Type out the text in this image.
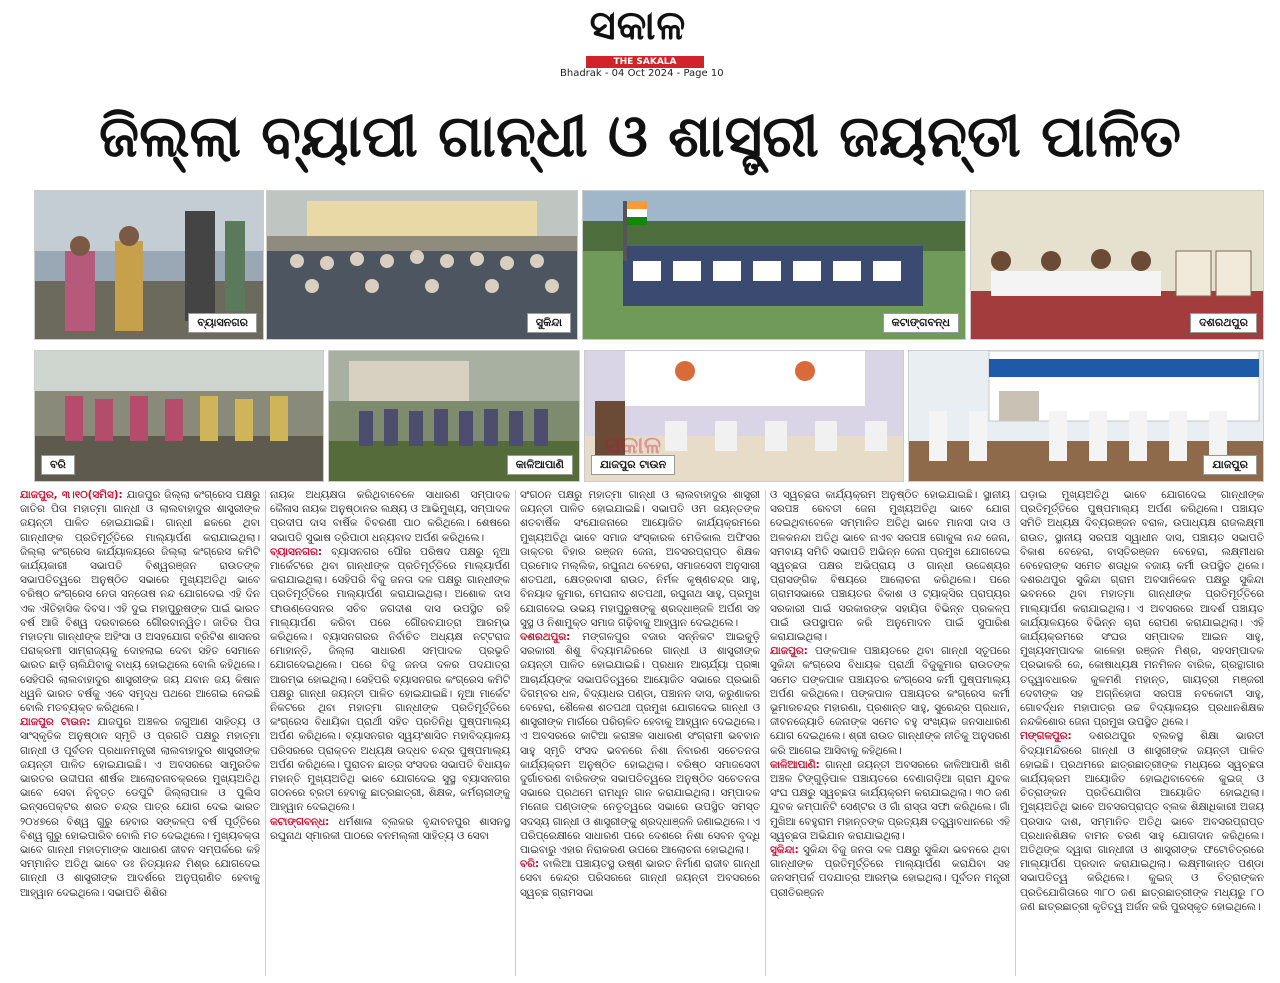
ସକାଳ
THE SAKALA
Bhadrak - 04 Oct 2024 - Page 10
ଜିଲ୍ଲା ବ୍ୟାପୀ ଗାନ୍ଧୀ ଓ ଶାସ୍ତ୍ରୀ ଜୟନ୍ତୀ ପାଳିତ
ବ୍ୟାସନଗର	ସୁକିନ୍ଦା	କଟାଙ୍ଗବନ୍ଧ	ଦଶରଥପୁର
ବରି	କାଳିଆପାଣି	ଯାଜପୁର ଟାଉନ	ଯାଜପୁର
ସକାଳ

ଯାଜପୁର, ୩।୧୦(ସମିସ): ଯାଜପୁର ଜିଲ୍ଲା କଂଗ୍ରେସ ପକ୍ଷରୁ ଜାତିର ପିତା ମହାତ୍ମା ଗାନ୍ଧୀ ଓ ଲାଲବାହାଦୁର ଶାସ୍ତ୍ରୀଙ୍କ ଜୟନ୍ତୀ ପାଳିତ ହୋଇଯାଇଛି। ଗାନ୍ଧୀ ଛକରେ ଥିବା ଗାନ୍ଧୀଙ୍କ ପ୍ରତିମୂର୍ତ୍ତିରେ ମାଲ୍ୟାର୍ପଣ କରାଯାଇଥିଲା। ଜିଲ୍ଲା କଂଗ୍ରେସ କାର୍ଯ୍ୟାଳୟରେ ଜିଲ୍ଲା କଂଗ୍ରେସ କମିଟି କାର୍ଯ୍ୟକାରୀ ସଭାପତି ବିଶ୍ୱରଞ୍ଜନ ରାଉତଙ୍କ ସଭାପତିତ୍ୱରେ ଅନୁଷ୍ଠିତ ସଭାରେ ମୁଖ୍ୟଅତିଥି ଭାବେ ବରିଷ୍ଠ କଂଗ୍ରେସ ନେତା ସନ୍ତୋଷ ନନ୍ଦ ଯୋଗଦେଇ ଏହି ଦିନ ଏକ ଐତିହାସିକ ଦିବସ। ଏହି ଦୁଇ ମହାପୁରୁଷଙ୍କ ପାଇଁ ଭାରତ ବର୍ଷ ଆଜି ବିଶ୍ୱ ଦରବାରରେ ଗୌରବାନ୍ୱିତ। ଜାତିର ପିତା ମହାତ୍ମା ଗାନ୍ଧୀଙ୍କ ଅହିଂସା ଓ ଅସହଯୋଗ ବ୍ରିଟିଶ ଶାସନର ପରାକ୍ରମୀ ସାମ୍ରାଜ୍ୟକୁ ଦୋହଲାଇ ଦେବା ସହିତ ସେମାନେ ଭାରତ ଛାଡ଼ି ଚାଲିଯିବାକୁ ବାଧ୍ୟ ହୋଇଥିଲେ ବୋଲି କହିଥିଲେ। ସେହିପରି ଲାଲବାହାଦୁର ଶାସ୍ତ୍ରୀଙ୍କ ଜୟ ଯବାନ ଜୟ କିଷାନ ଧ୍ୱନି ଭାରତ ବର୍ଷକୁ ଏବେ ସମୃଦ୍ଧ ପଥରେ ଆଗେଇ ନେଇଛି ବୋଲି ମତବ୍ୟକ୍ତ କରିଥିଲେ।

ଯାଜପୁର ଟାଉନ: ଯାଜପୁର ଅଞ୍ଚଳର ଜଗୁଆଣ ସାହିତ୍ୟ ଓ ସାଂସ୍କୃତିକ ଅନୁଷ୍ଠାନ ସ୍ମୃତି ଓ ପ୍ରଗତି ପକ୍ଷରୁ ମହାତ୍ମା ଗାନ୍ଧୀ ଓ ପୂର୍ବତନ ପ୍ରଧାନମନ୍ତ୍ରୀ ଲାଲବାହାଦୁର ଶାସ୍ତ୍ରୀଙ୍କ ଜୟନ୍ତୀ ପାଳିତ ହୋଇଯାଇଛି। ଏ ଅବସରରେ ସାମ୍ପ୍ରତିକ ଭାରତର ଉଦ୍ଦୀପନା ଶୀର୍ଷକ ଆଲୋଚନାଚକ୍ରରେ ମୁଖ୍ୟଅତିଥି ଭାବେ ସେବା ନିବୃତ୍ତ ଡେପୁଟି ଜିଲ୍ଲାପାଳ ଓ ପୁଲିସ ଇନ୍‌ସପେକ୍ଟର ଶରତ ଚନ୍ଦ୍ର ପାତ୍ର ଯୋଗ ଦେଇ ଭାରତ ୨୦୪୭ରେ ବିଶ୍ୱ ଗୁରୁ ହେବାର ସଙ୍କଳ୍ପ ବର୍ଷ ପୂର୍ତ୍ତିରେ ବିଶ୍ୱ ଗୁରୁ ହୋଇପାରିବ ବୋଲି ମତ ଦେଇଥିଲେ। ମୁଖ୍ୟବକ୍ତା ଭାବେ ଗାନ୍ଧୀ ମହାତ୍ମାଙ୍କ ସାଧାରଣ ଜୀବନ ସମ୍ପର୍କରେ କହି ସମ୍ମାନିତ ଅତିଥି ଭାବେ ଡଃ ନିତ୍ୟାନନ୍ଦ ମିଶ୍ର ଯୋଗଦେଇ ଗାନ୍ଧୀ ଓ ଶାସ୍ତ୍ରୀଙ୍କ ଆଦର୍ଶରେ ଅନୁପ୍ରାଣିତ ହେବାକୁ ଆହ୍ୱାନ ଦେଇଥିଲେ। ସଭାପତି ଶିଶିର

ନାୟକ ଅଧ୍ୟକ୍ଷତା କରିଥିବାବେଳେ ସାଧାରଣ ସମ୍ପାଦକ କୈଳାସ ନାୟକ ଅନୁଷ୍ଠାନର ଲକ୍ଷ୍ୟ ଓ ଆଭିମୁଖ୍ୟ, ସମ୍ପାଦକ ପ୍ରଦୀପ ଦାସ ବାର୍ଷିକ ବିବରଣୀ ପାଠ କରିଥିଲେ। ଶେଷରେ ସଭାପତି ସୁଭାଷ ତ୍ରିପାଠୀ ଧନ୍ୟବାଦ ଅର୍ପଣ କରିଥିଲେ।

ବ୍ୟାସନଗର: ବ୍ୟାସନଗର ପୌର ପରିଷଦ ପକ୍ଷରୁ ନୂଆ ମାର୍କେଟରେ ଥିବା ଗାନ୍ଧୀଙ୍କ ପ୍ରତିମୂର୍ତ୍ତିରେ ମାଲ୍ୟାର୍ପଣ କରାଯାଇଥିଲା। ସେହିପରି ବିଜୁ ଜନତା ଦଳ ପକ୍ଷରୁ ଗାନ୍ଧୀଙ୍କ ପ୍ରତିମୂର୍ତ୍ତିରେ ମାଲ୍ୟାର୍ପଣ କରାଯାଇଥିଲା। ଅଶୋକ ଦାସ ଫାଉଣ୍ଡେସନର ସଚିବ ଜଗଦୀଶ ଦାସ ଉପସ୍ଥିତ ରହି ମାଲ୍ୟାର୍ପଣ କରିବା ପରେ ଗୌରବଯାତ୍ରା ଆରମ୍ଭ କରିଥିଲେ। ବ୍ୟାସନଗରର ନିର୍ବାଚିତ ଅଧ୍ୟକ୍ଷ ନଟ୍ଟରାଜ ମୋହାନ୍ତି, ଜିଲ୍ଲା ସାଧାରଣ ସମ୍ପାଦକ ପ୍ରଭୃତି ଯୋଗଦେଇଥିଲେ। ପରେ ବିଜୁ ଜନତା ଦଳର ପଦଯାତ୍ରା ଆରମ୍ଭ ହୋଇଥିଲା। ସେହିପରି ବ୍ୟାସନଗର କଂଗ୍ରେସ କମିଟି ପକ୍ଷରୁ ଗାନ୍ଧୀ ଜୟନ୍ତୀ ପାଳିତ ହୋଇଯାଇଛି। ନୂଆ ମାର୍କେଟ ନିକଟରେ ଥିବା ମହାତ୍ମା ଗାନ୍ଧୀଙ୍କ ପ୍ରତିମୂର୍ତ୍ତିରେ କଂଗ୍ରେସ ବିଧାୟିକା ପ୍ରାର୍ଥୀ ସହିତ ପ୍ରତିନିଧି ପୁଷ୍ପମାଲ୍ୟ ଅର୍ପଣ କରିଥିଲେ। ବ୍ୟାସନଗର ସ୍ୱୟଂଶାସିତ ମହାବିଦ୍ୟାଳୟ ପରିସରରେ ପ୍ରାକ୍ତନ ଅଧ୍ୟକ୍ଷ ଉଦ୍ଧବ ଚନ୍ଦ୍ର ପୁଷ୍ପମାଲ୍ୟ ଅର୍ପଣ କରିଥିଲେ। ପୁରାତନ ଛାତ୍ର ସଂସଦର ସଭାପତି ବିଧାୟକ ମହାନ୍ତି ମୁଖ୍ୟଅତିଥି ଭାବେ ଯୋଗଦେଇ ସୁସ୍ଥ ବ୍ୟାସନଗର ଗଠନରେ ବ୍ରତୀ ହେବାକୁ ଛାତ୍ରଛାତ୍ରୀ, ଶିକ୍ଷକ, କର୍ମଚାରୀଙ୍କୁ ଆହ୍ୱାନ ଦେଇଥିଲେ।

କଟାଙ୍ଗବନ୍ଧ: ଧର୍ମଶାଳା ବ୍ଲକର ବୃନ୍ଦାବନପୁର ଶାସନସ୍ଥ ରଘୁନାଥ ସ୍ମାରକୀ ପାଠରେ ବନମଲ୍ଲୀ ସାହିତ୍ୟ ଓ ସେବା

ସଂଗଠନ ପକ୍ଷରୁ ମହାତ୍ମା ଗାନ୍ଧୀ ଓ ଲାଲବାହାଦୁର ଶାସ୍ତ୍ରୀ ଜୟନ୍ତୀ ପାଳିତ ହୋଇଯାଇଛି। ସଭାପତି ଓମ ଜୟନ୍ତଙ୍କ ଶତବାର୍ଷିକ ସଂଯୋଜନାରେ ଆୟୋଜିତ କାର୍ଯ୍ୟକ୍ରମରେ ମୁଖ୍ୟଅତିଥି ଭାବେ ସମାଜ ସଂସ୍କାରକ ମେଡିକାଲ ଅଫିସର ଡାକ୍ତର ବିହାର ରଞ୍ଜନ ଜେନା, ଅବସରପ୍ରାପ୍ତ ଶିକ୍ଷକ ପ୍ରମୋଦ ମଲ୍ଲିକ, ରଘୁନାଥ ବେହେରା, ସମାଜସେବୀ ଅନୁସାରୀ ଶତପଥୀ, କ୍ଷେତ୍ରବାସୀ ରାଉତ, ନିର୍ମଳ କୃଷ୍ଣଚନ୍ଦ୍ର ସାହୁ, ବିନୟାଦ କୁମାର, ମେଘନାଦ ଶତପଥୀ, ରଘୁନାଥ ସାହୁ, ପ୍ରମୁଖ ଯୋଗଦେଇ ଉଭୟ ମହାପୁରୁଷଙ୍କୁ ଶ୍ରଦ୍ଧାଞ୍ଜଳି ଅର୍ପଣ ସହ ସୁସ୍ଥ ଓ ନିଶାମୁକ୍ତ ସମାଜ ଗଢ଼ିବାକୁ ଆହ୍ୱାନ ଦେଇଥିଲେ।

ଦଶରଥପୁର: ମଙ୍ଗଳପୁର ବଜାର ସନ୍ନିକଟ ଆଇକୁଡ଼ି ସରକାରୀ ଶିଶୁ ବିଦ୍ୟାମନ୍ଦିରରେ ଗାନ୍ଧୀ ଓ ଶାସ୍ତ୍ରୀଙ୍କ ଜୟନ୍ତୀ ପାଳିତ ହୋଇଯାଇଛି। ପ୍ରଧାନ ଆଚାର୍ଯ୍ୟା ପ୍ରଜ୍ଞା ଆଚାର୍ଯ୍ୟଙ୍କ ସଭାପତିତ୍ୱରେ ଆୟୋଜିତ ସଭାରେ ପ୍ରଭାରି ଦିଗମ୍ବର ଧଳ, ବିଦ୍ୟାଧର ପଣ୍ଡା, ପଞ୍ଚାନନ ଦାସ, କରୁଣାକର ବେହେରା, ଶୈଳେଶ ଶତପଥୀ ପ୍ରମୁଖ ଯୋଗଦେଇ ଗାନ୍ଧୀ ଓ ଶାସ୍ତ୍ରୀଙ୍କ ମାର୍ଗରେ ପରିଚାଳିତ ହେବାକୁ ଆହ୍ୱାନ ଦେଇଥିଲେ। ଏ ଅବସରରେ କାଟିଆ କରାଞ୍ଚଳ ସାଧାରଣ ସଂଗ୍ରାମୀ ଭବବାନ ସାହୁ ସ୍ମୃତି ସଂସଦ ଭବନରେ ନିଶା ନିବାରଣ ସଚେତନତା କାର୍ଯ୍ୟକ୍ରମ ଅନୁଷ୍ଠିତ ହୋଇଥିଲା। ବରିଷ୍ଠ ସମାଜସେବୀ ଦୁର୍ଗାଚରଣ ବାରିକଙ୍କ ସଭାପତିତ୍ୱରେ ଅନୁଷ୍ଠିତ ସଚେତନତା ସଭାରେ ପ୍ରଥମେ ରାମଧୂନ ଗାନ କରାଯାଇଥିଲା। ସମ୍ପାଦକ ମନୋଜ ପଣ୍ଡାଙ୍କ ନେତୃତ୍ୱରେ ସଭାରେ ଉପସ୍ଥିତ ସମସ୍ତ ସଦସ୍ୟ ଗାନ୍ଧୀ ଓ ଶାସ୍ତ୍ରୀଙ୍କୁ ଶ୍ରଦ୍ଧାଞ୍ଜଳି ଜଣାଇଥିଲେ। ଏ ପରିପ୍ରେକ୍ଷୀରେ ସାଧାରଣ ପରେ ଦେଶରେ ନିଶା ସେବନ ବୃଦ୍ଧି ପାଇବାରୁ ଏହାର ନିରାକରଣ ଉପରେ ଆଲୋଚନା ହୋଇଥିଲା।

ବରି: ବାଲିଆ ପଞ୍ଚାୟତସ୍ଥ ଉଷ୍ଣ ଭାରତ ନିର୍ମାଣ ରାଜୀବ ଗାନ୍ଧୀ ସେବା କେନ୍ଦ୍ର ପରିସରରେ ଗାନ୍ଧୀ ଜୟନ୍ତୀ ଅବସରରେ ସ୍ୱଚ୍ଛ ଗ୍ରାମସଭା

ଓ ସ୍ୱଚ୍ଛତା କାର୍ଯ୍ୟକ୍ରମ ଅନୁଷ୍ଠିତ ହୋଇଯାଇଛି। ସ୍ଥାନୀୟ ସରପଞ୍ଚ ରେବତୀ ଜେନା ମୁଖ୍ୟଅତିଥି ଭାବେ ଯୋଗ ଦେଇଥିବାବେଳେ ସମ୍ମାନିତ ଅତିଥି ଭାବେ ମାନସୀ ଦାସ ଓ ଅଳକନନ୍ଦା ଅତିଥି ଭାବେ ନାଏବ ସରପଞ୍ଚ ଗୋକୁଳା ନନ୍ଦ ଜେନା, ସମବାୟ ସମିତି ସଭାପତି ଅଭିନ୍ନ ଜେନା ପ୍ରମୁଖ ଯୋଗଦେଇ ସ୍ୱଚ୍ଛତା ପକ୍ଷର ଅଭିପ୍ରାୟ ଓ ଗାନ୍ଧୀ ଉଦ୍ଦେଶ୍ୟର ପ୍ରାସଙ୍ଗିକ ବିଷୟରେ ଆଲୋଚନା କରିଥିଲେ। ପରେ ଗ୍ରାମସଭାରେ ପଞ୍ଚାୟତର ବିକାଶ ଓ ଟ୍ୟାକ୍ସିର ପ୍ରାପ୍ୟର ସରକାରୀ ପାଇଁ ସରକାରଙ୍କ ସହାୟିତା ବିଭିନ୍ନ ପ୍ରକଳ୍ପ ପାଇଁ ଉପସ୍ଥାପନ କରି ଅନୁମୋଦନ ପାଇଁ ସୁପାରିଶ କରାଯାଇଥିଲା।

ଯାଜପୁର: ପଙ୍କପାଳ ପଞ୍ଚାୟତରେ ଥିବା ଗାନ୍ଧୀ ସ୍ତୂପରେ ସୁକିନ୍ଦା କଂଗ୍ରେସ ବିଧାୟକ ପ୍ରାର୍ଥୀ ବିଜୁକୁମାର ରାଉତଙ୍କ ସମେତ ପଙ୍କପାଳ ପଞ୍ଚାୟତର କଂଗ୍ରେସ କର୍ମୀ ପୁଷ୍ପମାଲ୍ୟ ଅର୍ପଣ କରିଥିଲେ। ପଙ୍କପାଳ ପଞ୍ଚାୟତର କଂଗ୍ରେସ କର୍ମୀ ଭୂମାରଚନ୍ଦ୍ର ମହାରଣା, ପ୍ରଶାନ୍ତ ସାହୁ, ସୁରେନ୍ଦ୍ର ପ୍ରଧାନ, ଜୀବନଜ୍ୟୋତି ଜେନାଙ୍କ ସମେତ ବହୁ ସଂଖ୍ୟକ ଜନସାଧାରଣ ଯୋଗ ଦେଇଥିଲେ। ଶ୍ରୀ ରାଉତ ଗାନ୍ଧୀଙ୍କ ନୀତିକୁ ଅନୁସରଣ କରି ଆଗେଇ ଆସିବାକୁ କହିଥିଲେ।

କାଳିଆପାଣି: ଗାନ୍ଧୀ ଜୟନ୍ତୀ ଅବସରରେ କାଳିଆପାଣି ଖଣି ଅଞ୍ଚଳ ଟିଙ୍ଗୁଡ଼ିପାଳ ପଞ୍ଚାୟତରେ ବେଣାଗଡ଼ିଆ ଗ୍ରାମ ଯୁବକ ସଂଘ ପକ୍ଷରୁ ସ୍ୱଚ୍ଛତା କାର୍ଯ୍ୟକ୍ରମ କରାଯାଇଥିଲା। ୩୦ ଜଣ ଯୁବକ କମ୍ପାନିଟି ସେଣ୍ଟର ଓ ଗାଁ ରାସ୍ତା ସଫା କରିଥିଲେ। ଗାଁ ମୁଖିଆ ବେହୁରାମ ମହାନ୍ତଙ୍କ ପ୍ରତ୍ୟକ୍ଷ ତତ୍ତ୍ୱାବଧାନରେ ଏହି ସ୍ୱଚ୍ଛତା ଅଭିଯାନ କରାଯାଇଥିଲା।

ସୁକିନ୍ଦା: ସୁକିନ୍ଦା ବିଜୁ ଜନତା ଦଳ ପକ୍ଷରୁ ସୁକିନ୍ଦା ଭବନରେ ଥିବା ଗାନ୍ଧୀଙ୍କ ପ୍ରତିମୂର୍ତ୍ତିରେ ମାଲ୍ୟାର୍ପଣ କରାଯିବା ସହ ଜନସମ୍ପର୍କ ପଦଯାତ୍ରା ଆରମ୍ଭ ହୋଇଥିଲା। ପୂର୍ବତନ ମନ୍ତ୍ରୀ ପ୍ରୀତିରଞ୍ଜନ

ଘଡ଼ାଇ ମୁଖ୍ୟଅତିଥି ଭାବେ ଯୋଗଦେଇ ଗାନ୍ଧୀଙ୍କ ପ୍ରତିମୂର୍ତ୍ତିରେ ପୁଷ୍ପମାଲ୍ୟ ଅର୍ପଣ କରିଥିଲେ। ପଞ୍ଚାୟତ ସମିତି ଅଧ୍ୟକ୍ଷ ଦିବ୍ୟରଞ୍ଜନ ବରାଳ, ଉପାଧ୍ୟକ୍ଷ ରାଜଲକ୍ଷ୍ମୀ ରାଉତ, ସ୍ଥାନୀୟ ସରପଞ୍ଚ ସ୍ୱାଧୀନ ଦାସ, ପଞ୍ଚାୟତ ସଭାପତି ବିକାଶ ବେହେରା, ବାସ୍ତିରଞ୍ଜନ ବେହେରା, ଲକ୍ଷ୍ମୀଧର ବେହେରାଙ୍କ ସମେତ ଶତାଧିକ ବଜାୟ କର୍ମୀ ଉପସ୍ଥିତ ଥିଲେ। ଦଶରଥପୁର ସୁକିନ୍ଦା ଗ୍ରାମ ଅବସାନିକେନ ପକ୍ଷରୁ ସୁକିନ୍ଦା ଭବନରେ ଥିବା ମହାତ୍ମା ଗାନ୍ଧୀଙ୍କ ପ୍ରତିମୂର୍ତ୍ତିରେ ମାଲ୍ୟାର୍ପଣ କରାଯାଇଥିଲା। ଏ ଅବସରରେ ଆଦର୍ଶ ପଞ୍ଚାୟତ କାର୍ଯ୍ୟାଳୟରେ ବିଭିନ୍ନ ଚାରା ରୋପଣ କରାଯାଇଥିଲା। ଏହି କାର୍ଯ୍ୟକ୍ରମରେ ସଂଘର ସମ୍ପାଦକ ଆଇନ ସାହୁ, ମୁଖ୍ୟସମ୍ପାଦକ କାଳେହା ରଞ୍ଜନ ମିଶ୍ର, ସହସମ୍ପାଦକ ପ୍ରଭାକରି ଜେ, କୋଷାଧ୍ୟକ୍ଷ ମନମିଳନ ବାରିକ, ଗ୍ରନ୍ଥାଗାର ତତ୍ତ୍ୱାବଧାରକ କୁଳମଣି ମହାନ୍ତ, ଗାୟତ୍ରୀ ମଞ୍ଜରୀ ଦେବୀଙ୍କ ସହ ଅଗ୍ନିହୋତା ସରପଞ୍ଚ ନବକୋଟୀ ସାହୁ, ଗୋବର୍ଦ୍ଧନ ମହାପାତ୍ର ଉଚ୍ଚ ବିଦ୍ୟାଳୟର ପ୍ରଧାନଶିକ୍ଷକ ନନ୍ଦକିଶୋର ଜେନା ପ୍ରମୁଖ ଉପସ୍ଥିତ ଥିଲେ।

ମଙ୍ଗଳପୁର: ଦଶରଥପୁର ବ୍ଲକସ୍ଥ ଶିକ୍ଷା ଭାରତୀ ବିଦ୍ୟାମନ୍ଦିରରେ ଗାନ୍ଧୀ ଓ ଶାସ୍ତ୍ରୀଙ୍କ ଜୟନ୍ତୀ ପାଳିତ ହୋଇଛି। ପ୍ରଥମରେ ଛାତ୍ରଛାତ୍ରୀଙ୍କ ମଧ୍ୟରେ ସ୍ୱଚ୍ଛତା କାର୍ଯ୍ୟକ୍ରମ ଆୟୋଜିତ ହୋଇଥିବାବେଳେ କୁଇଜ୍ ଓ ଚିତ୍ରାଙ୍କନ ପ୍ରତିଯୋଗିତା ଆୟୋଜିତ ହୋଇଥିଲା। ମୁଖ୍ୟଅତିଥି ଭାବେ ଅବସରପ୍ରାପ୍ତ ବ୍ଲକ ଶିକ୍ଷାଧିକାରୀ ଅଜୟ ପ୍ରସାଦ ଦାଶ, ସମ୍ମାନିତ ଅତିଥି ଭାବେ ଅବସରପ୍ରାପ୍ତ ପ୍ରଧାନଶିକ୍ଷକ ବାମନ ଚରଣ ସାହୁ ଯୋଗଦାନ କରିଥିଲେ। ଅତିଥିଙ୍କ ଦ୍ୱାରା ଗାନ୍ଧୀଜୀ ଓ ଶାସ୍ତ୍ରୀଙ୍କ ଫଟୋଚିତ୍ରରେ ମାଲ୍ୟାର୍ପଣ ପ୍ରଦାନ କରାଯାଇଥିଲା। ଲକ୍ଷ୍ମୀକାନ୍ତ ପଣ୍ଡା ସଭାପତିତ୍ୱ କରିଥିଲେ। କୁଇଜ୍ ଓ ଚିତ୍ରାଙ୍କନ ପ୍ରତିଯୋଗିତାରେ ୩୮୦ ଜଣ ଛାତ୍ରଛାତ୍ରୀଙ୍କ ମଧ୍ୟରୁ ୮୦ ଜଣ ଛାତ୍ରଛାତ୍ରୀ କୃତିତ୍ୱ ଅର୍ଜନ କରି ପୁରସ୍କୃତ ହୋଇଥିଲେ।
